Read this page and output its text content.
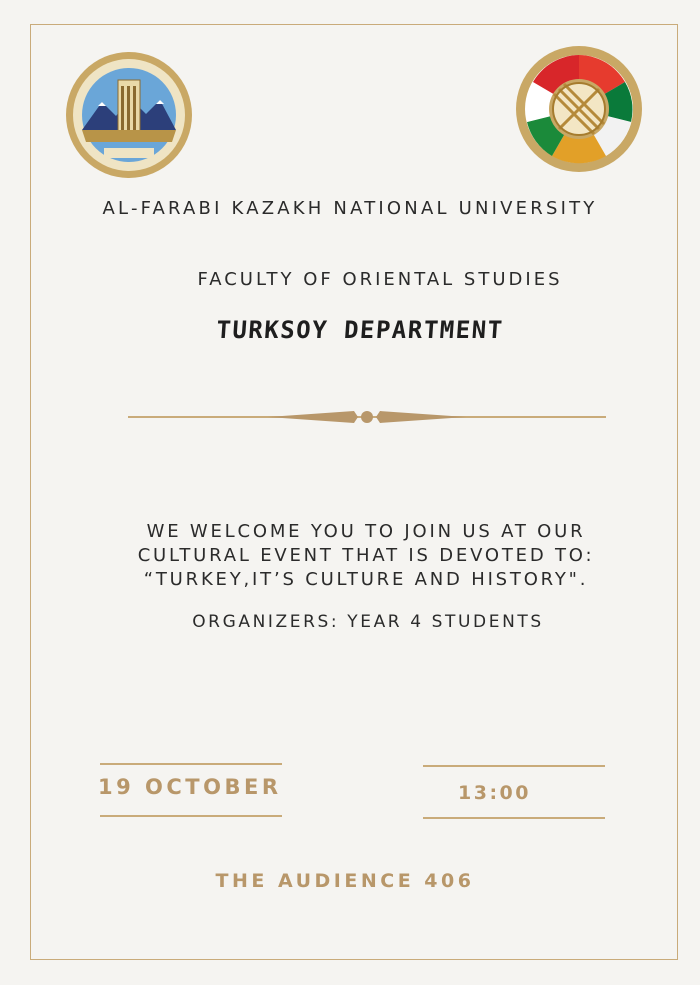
AL-FARABI KAZAKH NATIONAL UNIVERSITY
FACULTY OF ORIENTAL STUDIES
TURKSOY DEPARTMENT
WE WELCOME YOU TO JOIN US AT OUR
CULTURAL EVENT THAT IS DEVOTED TO:
“TURKEY,IT’S CULTURE AND HISTORY".
ORGANIZERS: YEAR 4 STUDENTS
19 OCTOBER	13:00
THE AUDIENCE 406
